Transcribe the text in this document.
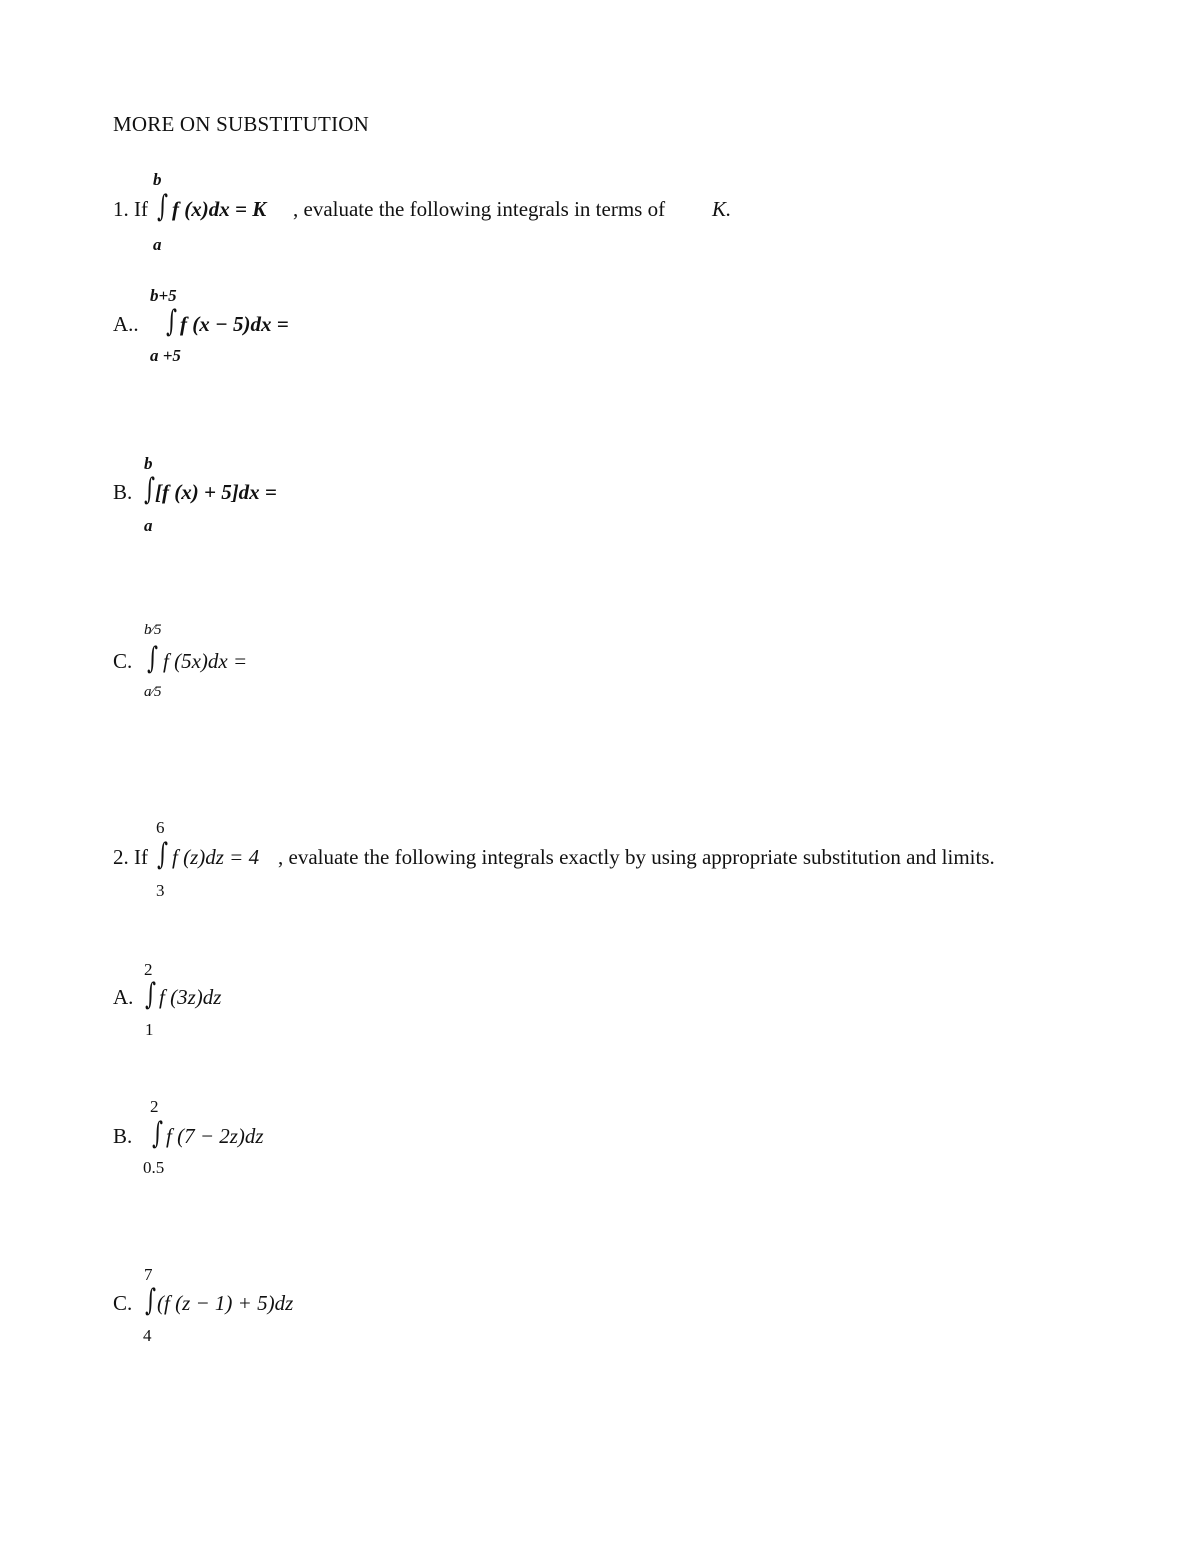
MORE ON SUBSTITUTION
b
1. If ∫ f (x)dx = K , evaluate the following integrals in terms of K.
a
b+5
A.. ∫ f (x − 5)dx =
a +5
b
B. ∫ [f (x) + 5]dx =
a
b⁄5
C. ∫ f (5x)dx =
a⁄5
6
2. If ∫ f (z)dz = 4 , evaluate the following integrals exactly by using appropriate substitution and limits.
3
2
A. ∫ f (3z)dz
1
2
B. ∫ f (7 − 2z)dz
0.5
7
C. ∫ (f (z − 1) + 5)dz
4
